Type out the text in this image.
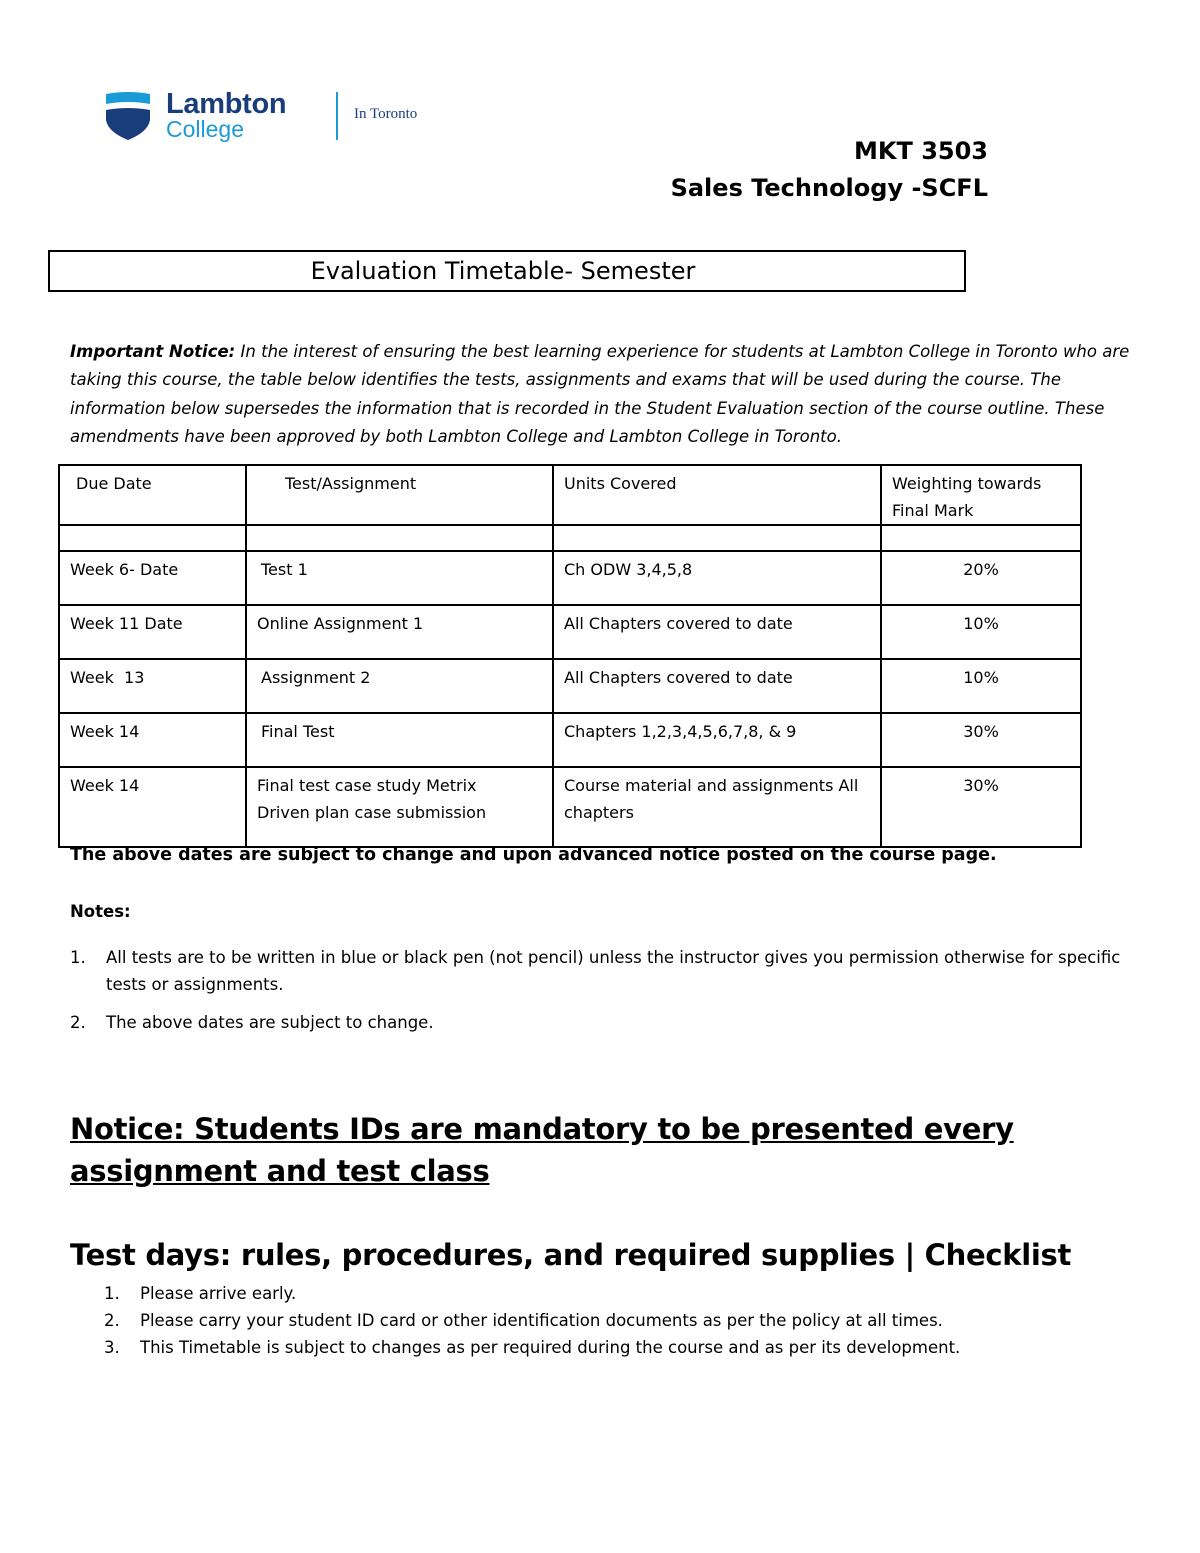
Lambton
College
In Toronto
MKT 3503
Sales Technology -SCFL
Evaluation Timetable- Semester
Important Notice: In the interest of ensuring the best learning experience for students at Lambton College in Toronto who are taking this course, the table below identifies the tests, assignments and exams that will be used during the course. The information below supersedes the information that is recorded in the Student Evaluation section of the course outline. These amendments have been approved by both Lambton College and Lambton College in Toronto.
Due Date	Test/Assignment	Units Covered	Weighting towards Final Mark

Week 6- Date	Test 1	Ch ODW 3,4,5,8	20%
Week 11 Date	Online Assignment 1	All Chapters covered to date	10%
Week  13	Assignment 2	All Chapters covered to date	10%
Week 14	Final Test	Chapters 1,2,3,4,5,6,7,8, & 9	30%
Week 14	Final test case study Metrix Driven plan case submission	Course material and assignments All chapters	30%
The above dates are subject to change and upon advanced notice posted on the course page.
Notes:
1. All tests are to be written in blue or black pen (not pencil) unless the instructor gives you permission otherwise for specific tests or assignments.
2. The above dates are subject to change.
Notice: Students IDs are mandatory to be presented every assignment and test class
Test days: rules, procedures, and required supplies | Checklist
1. Please arrive early.
2. Please carry your student ID card or other identification documents as per the policy at all times.
3. This Timetable is subject to changes as per required during the course and as per its development.
